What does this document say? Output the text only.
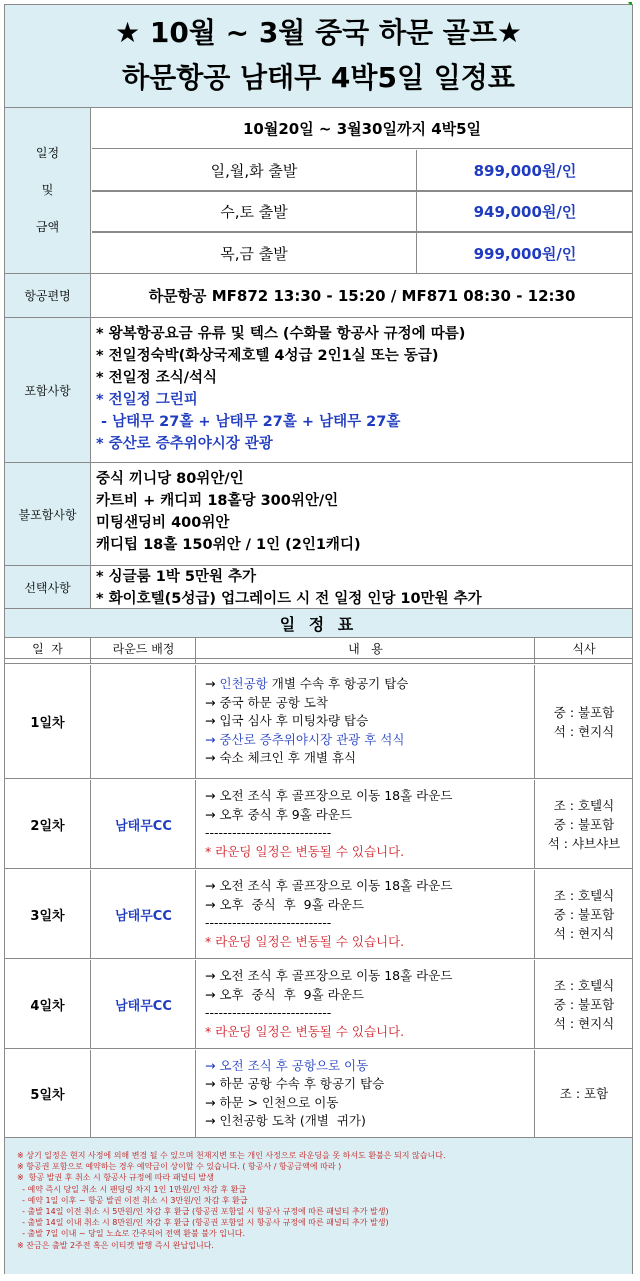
★ 10월 ~ 3월 중국 하문 골프★
하문항공 남태무 4박5일 일정표
일정
및
금액
10월20일 ~ 3월30일까지 4박5일
일,월,화 출발	899,000원/인
수,토 출발	949,000원/인
목,금 출발	999,000원/인
항공편명	하문항공 MF872 13:30 - 15:20 / MF871 08:30 - 12:30
포함사항
* 왕복항공요금 유류 및 텍스 (수화물 항공사 규정에 따름)
* 전일정숙박(화상국제호텔 4성급 2인1실 또는 동급)
* 전일정 조식/석식
* 전일정 그린피
- 남태무 27홀 + 남태무 27홀 + 남태무 27홀
* 중산로 증추위야시장 관광
불포함사항
중식 끼니당 80위안/인
카트비 + 캐디피 18홀당 300위안/인
미팅샌딩비 400위안
캐디팁 18홀 150위안 / 1인 (2인1캐디)
선택사항
* 싱글룸 1박 5만원 추가
* 화이호텔(5성급) 업그레이드 시 전 일정 인당 10만원 추가
일 정 표
일  자	라운드 배정	내   용	식사
1일차
→ 인천공항 개별 수속 후 항공기 탑승
→ 중국 하문 공항 도착
→ 입국 심사 후 미팅차량 탑승
→ 중산로 증추위야시장 관광 후 석식
→ 숙소 체크인 후 개별 휴식
중 : 불포함
석 : 현지식
2일차	남태무CC
→ 오전 조식 후 골프장으로 이동 18홀 라운드
→ 오후 중식 후 9홀 라운드
----------------------------
* 라운딩 일정은 변동될 수 있습니다.
조 : 호텔식
중 : 불포함
석 : 샤브샤브
3일차	남태무CC
→ 오전 조식 후 골프장으로 이동 18홀 라운드
→ 오후  중식  후  9홀 라운드
----------------------------
* 라운딩 일정은 변동될 수 있습니다.
조 : 호텔식
중 : 불포함
석 : 현지식
4일차	남태무CC
→ 오전 조식 후 골프장으로 이동 18홀 라운드
→ 오후  중식  후  9홀 라운드
----------------------------
* 라운딩 일정은 변동될 수 있습니다.
조 : 호텔식
중 : 불포함
석 : 현지식
5일차
→ 오전 조식 후 공항으로 이동
→ 하문 공항 수속 후 항공기 탑승
→ 하문 > 인천으로 이동
→ 인천공항 도착 (개별  귀가)
조 : 포함
※ 상기 일정은 현지 사정에 의해 변경 될 수 있으며 천재지변 또는 개인 사정으로 라운딩을 못 하셔도 환불은 되지 않습니다.
※ 항공권 포함으로 예약하는 경우 예약금이 상이할 수 있습니다. ( 항공사 / 항공금액에 따라 )
※  항공 발권 후 취소 시 항공사 규정에 따라 패널티 발생
- 예약 즉시 당일 취소 시 팬딩링 차지 1인 1만원/인 차감 후 환급
- 예약 1일 이후 ~ 항공 발권 이전 취소 시 3만원/인 차감 후 환급
- 출발 14일 이전 취소 시 5만원/인 차감 후 환급 (항공권 포함일 시 항공사 규정에 따른 패널티 추가 발생)
- 출발 14일 이내 취소 시 8만원/인 차감 후 환급 (항공권 포함일 시 항공사 규정에 따른 패널티 추가 발생)
- 출발 7일 이내 ~ 당일 노쇼로 간주되어 전액 환불 불가 입니다.
※ 잔금은 출발 2주전 혹은 이티켓 발행 즉시 완납입니다.
